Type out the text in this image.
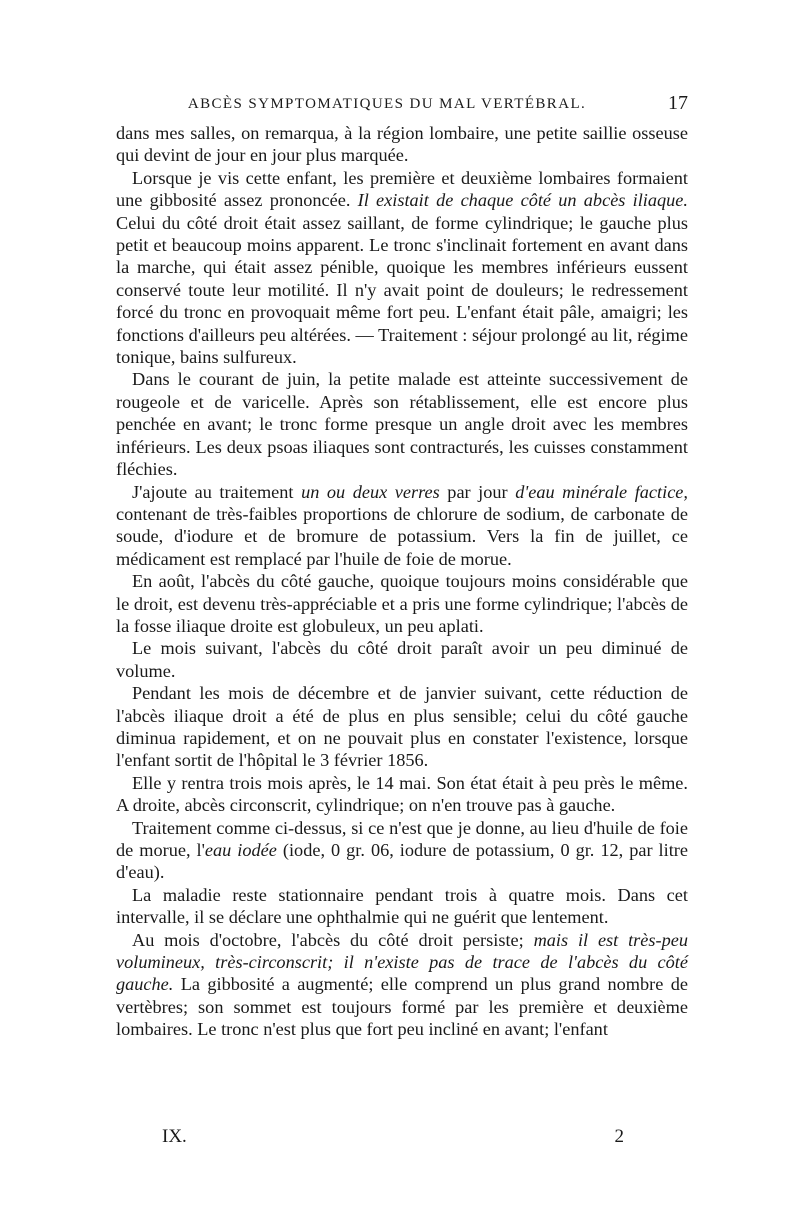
ABCÈS SYMPTOMATIQUES DU MAL VERTÉBRAL.	17

dans mes salles, on remarqua, à la région lombaire, une petite saillie osseuse qui devint de jour en jour plus marquée.

Lorsque je vis cette enfant, les première et deuxième lombaires formaient une gibbosité assez prononcée. Il existait de chaque côté un abcès iliaque. Celui du côté droit était assez saillant, de forme cylindrique; le gauche plus petit et beaucoup moins apparent. Le tronc s'inclinait fortement en avant dans la marche, qui était assez pénible, quoique les membres inférieurs eussent conservé toute leur motilité. Il n'y avait point de douleurs; le redressement forcé du tronc en provoquait même fort peu. L'enfant était pâle, amaigri; les fonctions d'ailleurs peu altérées. — Traitement : séjour prolongé au lit, régime tonique, bains sulfureux.

Dans le courant de juin, la petite malade est atteinte successivement de rougeole et de varicelle. Après son rétablissement, elle est encore plus penchée en avant; le tronc forme presque un angle droit avec les membres inférieurs. Les deux psoas iliaques sont contracturés, les cuisses constamment fléchies.

J'ajoute au traitement un ou deux verres par jour d'eau minérale factice, contenant de très-faibles proportions de chlorure de sodium, de carbonate de soude, d'iodure et de bromure de potassium. Vers la fin de juillet, ce médicament est remplacé par l'huile de foie de morue.

En août, l'abcès du côté gauche, quoique toujours moins considérable que le droit, est devenu très-appréciable et a pris une forme cylindrique; l'abcès de la fosse iliaque droite est globuleux, un peu aplati.

Le mois suivant, l'abcès du côté droit paraît avoir un peu diminué de volume.

Pendant les mois de décembre et de janvier suivant, cette réduction de l'abcès iliaque droit a été de plus en plus sensible; celui du côté gauche diminua rapidement, et on ne pouvait plus en constater l'existence, lorsque l'enfant sortit de l'hôpital le 3 février 1856.

Elle y rentra trois mois après, le 14 mai. Son état était à peu près le même. A droite, abcès circonscrit, cylindrique; on n'en trouve pas à gauche.

Traitement comme ci-dessus, si ce n'est que je donne, au lieu d'huile de foie de morue, l'eau iodée (iode, 0 gr. 06, iodure de potassium, 0 gr. 12, par litre d'eau).

La maladie reste stationnaire pendant trois à quatre mois. Dans cet intervalle, il se déclare une ophthalmie qui ne guérit que lentement.

Au mois d'octobre, l'abcès du côté droit persiste; mais il est très-peu volumineux, très-circonscrit; il n'existe pas de trace de l'abcès du côté gauche. La gibbosité a augmenté; elle comprend un plus grand nombre de vertèbres; son sommet est toujours formé par les première et deuxième lombaires. Le tronc n'est plus que fort peu incliné en avant; l'enfant

IX.	2
